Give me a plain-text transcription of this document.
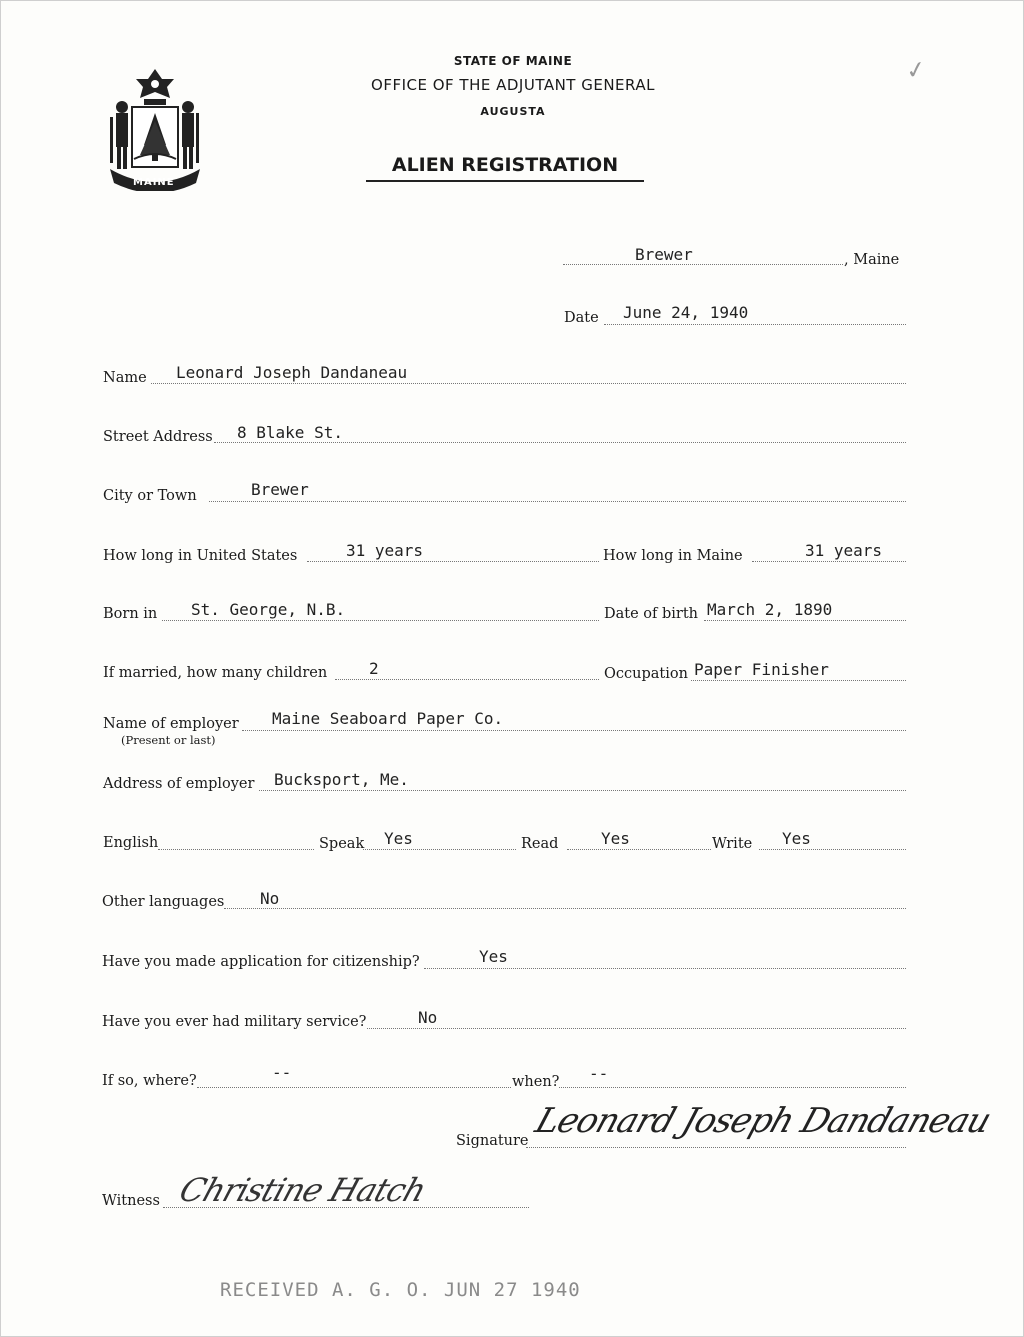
MAINE
✓
STATE OF MAINE
OFFICE OF THE ADJUTANT GENERAL
AUGUSTA
ALIEN REGISTRATION
Brewer	, Maine
Date June 24, 1940
Name Leonard Joseph Dandaneau
Street Address 8 Blake St.
City or Town	Brewer
How long in United States	31 years	How long in Maine	31 years
Born in St. George, N.B.	Date of birth March 2, 1890
If married, how many children	2	Occupation Paper Finisher
Name of employer
(Present or last)
Maine Seaboard Paper Co.
Address of employer Bucksport, Me.
English	Speak Yes	Read	Yes	Write Yes
Other languages No
Have you made application for citizenship?	Yes
Have you ever had military service?	No
If so, where?	--	when? --
Signature Leonard Joseph Dandaneau
Witness Christine Hatch
RECEIVED A. G. O. JUN 27 1940
